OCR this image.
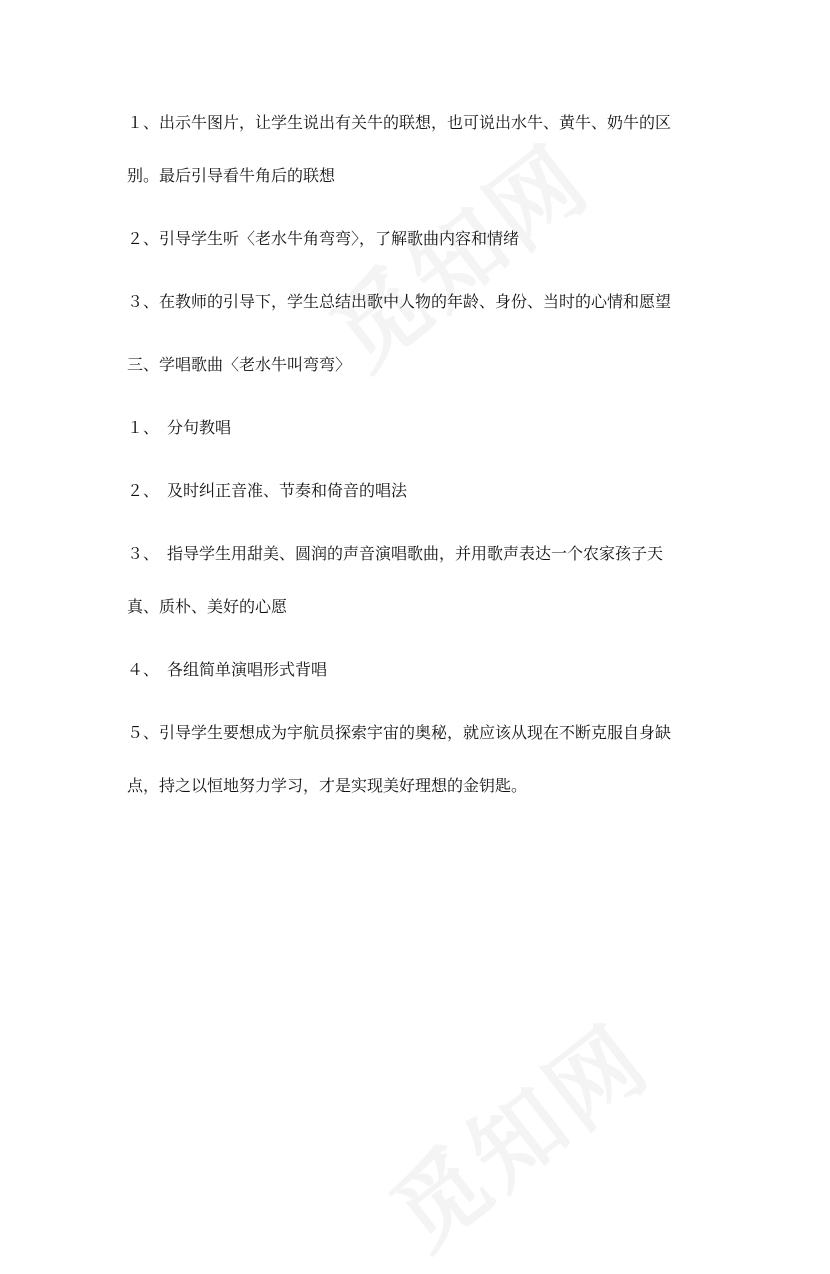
１、出示牛图片，让学生说出有关牛的联想，也可说出水牛、黄牛、奶牛的区
别。最后引导看牛角后的联想
２、引导学生听〈老水牛角弯弯〉，了解歌曲内容和情绪
３、在教师的引导下，学生总结出歌中人物的年龄、身份、当时的心情和愿望
三、学唱歌曲〈老水牛叫弯弯〉
１、　分句教唱
２、　及时纠正音准、节奏和倚音的唱法
３、　指导学生用甜美、圆润的声音演唱歌曲，并用歌声表达一个农家孩子天
真、质朴、美好的心愿
４、　各组简单演唱形式背唱
５、引导学生要想成为宇航员探索宇宙的奥秘，就应该从现在不断克服自身缺
点，持之以恒地努力学习，才是实现美好理想的金钥匙。
